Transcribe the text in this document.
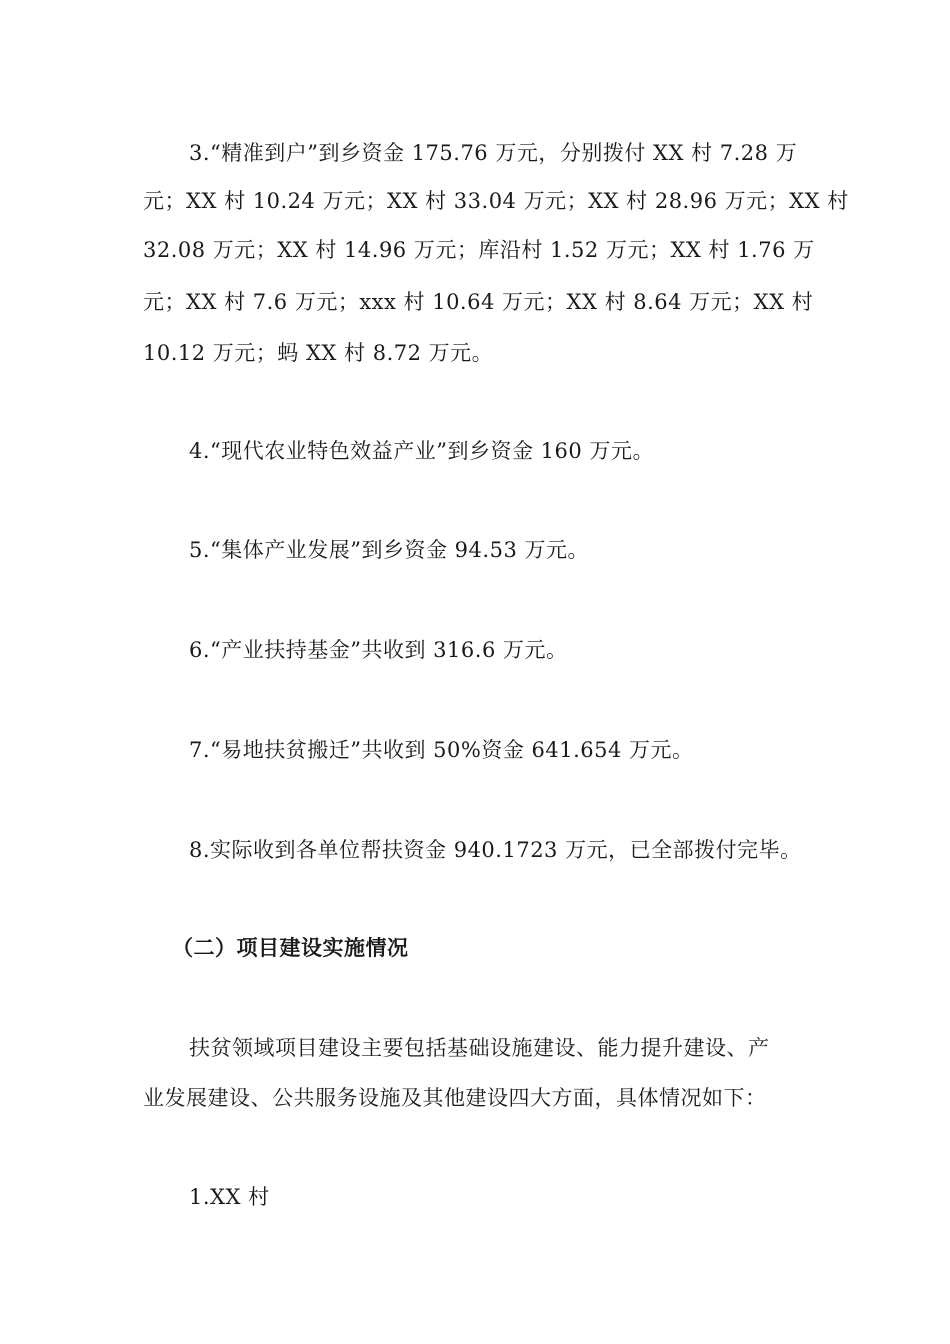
3.“精准到户”到乡资金 175.76 万元，分别拨付 XX 村 7.28 万
元；XX 村 10.24 万元；XX 村 33.04 万元；XX 村 28.96 万元；XX 村
32.08 万元；XX 村 14.96 万元；库沿村 1.52 万元；XX 村 1.76 万
元；XX 村 7.6 万元；xxx 村 10.64 万元；XX 村 8.64 万元；XX 村
10.12 万元；蚂 XX 村 8.72 万元。
4.“现代农业特色效益产业”到乡资金 160 万元。
5.“集体产业发展”到乡资金 94.53 万元。
6.“产业扶持基金”共收到 316.6 万元。
7.“易地扶贫搬迁”共收到 50%资金 641.654 万元。
8.实际收到各单位帮扶资金 940.1723 万元，已全部拨付完毕。
（二）项目建设实施情况
扶贫领域项目建设主要包括基础设施建设、能力提升建设、产
业发展建设、公共服务设施及其他建设四大方面，具体情况如下：
1.XX 村
